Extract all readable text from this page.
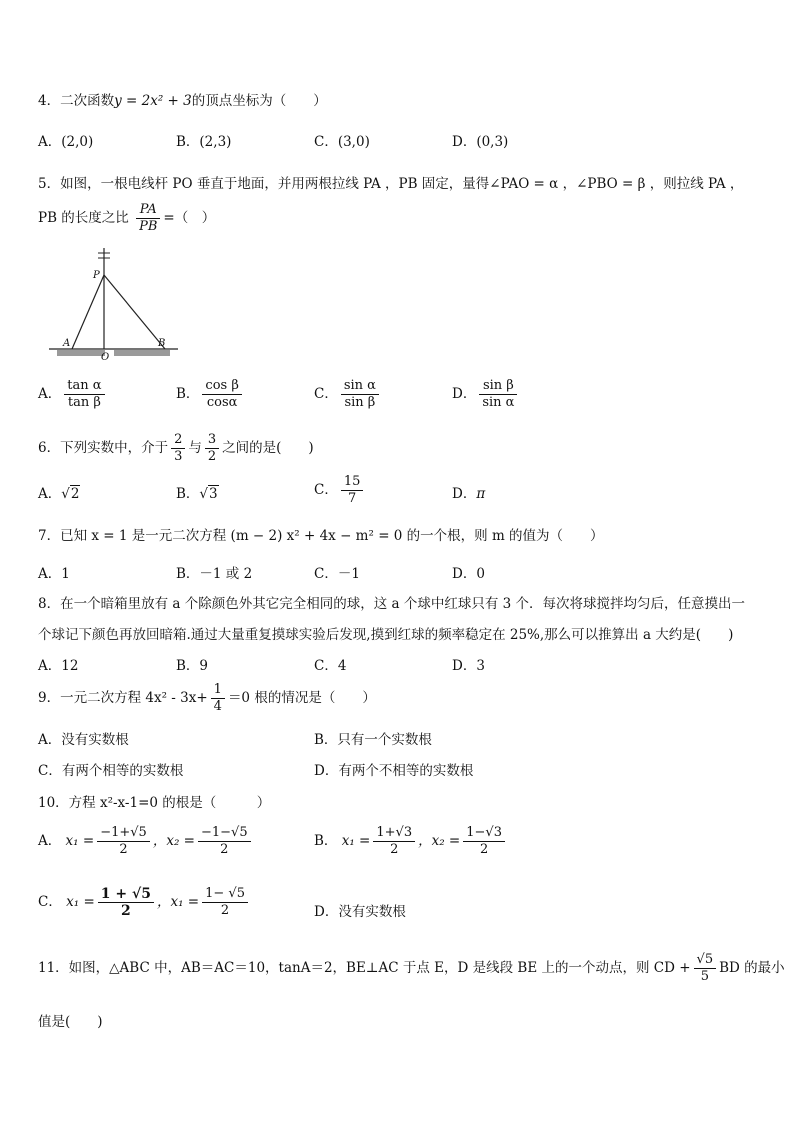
4．二次函数y = 2x² + 3的顶点坐标为（　　）
A．(2,0)	B．(2,3)	C．(3,0)	D．(0,3)
5．如图，一根电线杆 PO 垂直于地面，并用两根拉线 PA ，PB 固定，量得∠PAO = α ，∠PBO = β ，则拉线 PA ，
PB 的长度之比 $\frac{PA}{PB}$ =（　）
P
A
O
B
A． $\frac{\text{tan α}}{\text{tan β}}$	B． $\frac{\text{cos β}}{\cos\alpha}$	C． $\frac{\text{sin α}}{\text{sin β}}$	D． $\frac{\text{sin β}}{\text{sin α}}$
6．下列实数中，介于 $\frac{2}{3}$ 与 $\frac{3}{2}$ 之间的是(　　)
A．√2	B．√3	C． $\frac{15}{7}$	D．π
7．已知 x = 1 是一元二次方程 (m − 2) x² + 4x − m² = 0 的一个根，则 m 的值为（　　）
A．1	B．－1 或 2	C．－1	D．0
8．在一个暗箱里放有 a 个除颜色外其它完全相同的球，这 a 个球中红球只有 3 个．每次将球搅拌均匀后，任意摸出一
个球记下颜色再放回暗箱.通过大量重复摸球实验后发现,摸到红球的频率稳定在 25%,那么可以推算出 a 大约是(　　)
A．12	B．9	C．4	D．3
9．一元二次方程 $4x^2 - 3x+ \frac{1}{4} =0$ 根的情况是（　　）
A．没有实数根	B．只有一个实数根
C．有两个相等的实数根	D．有两个不相等的实数根
10．方程 x²-x-1=0 的根是（　　　）
A． $x_1 = \frac{-1+√5}{2}$ ，$x_2 = \frac{-1-√5}{2}$	B． $x_1 = \frac{1+√3}{2}$ ，$x_2 = \frac{1-√3}{2}$
C． $x_1 = \frac{1 + √5}{2}$ ，$x_1 = \frac{1- √5}{2}$	D．没有实数根
11．如图，△ABC 中，AB＝AC＝10，tanA＝2，BE⊥AC 于点 E，D 是线段 BE 上的一个动点，则 CD + $\frac{√5}{5}$ BD 的最小
值是(　　)
